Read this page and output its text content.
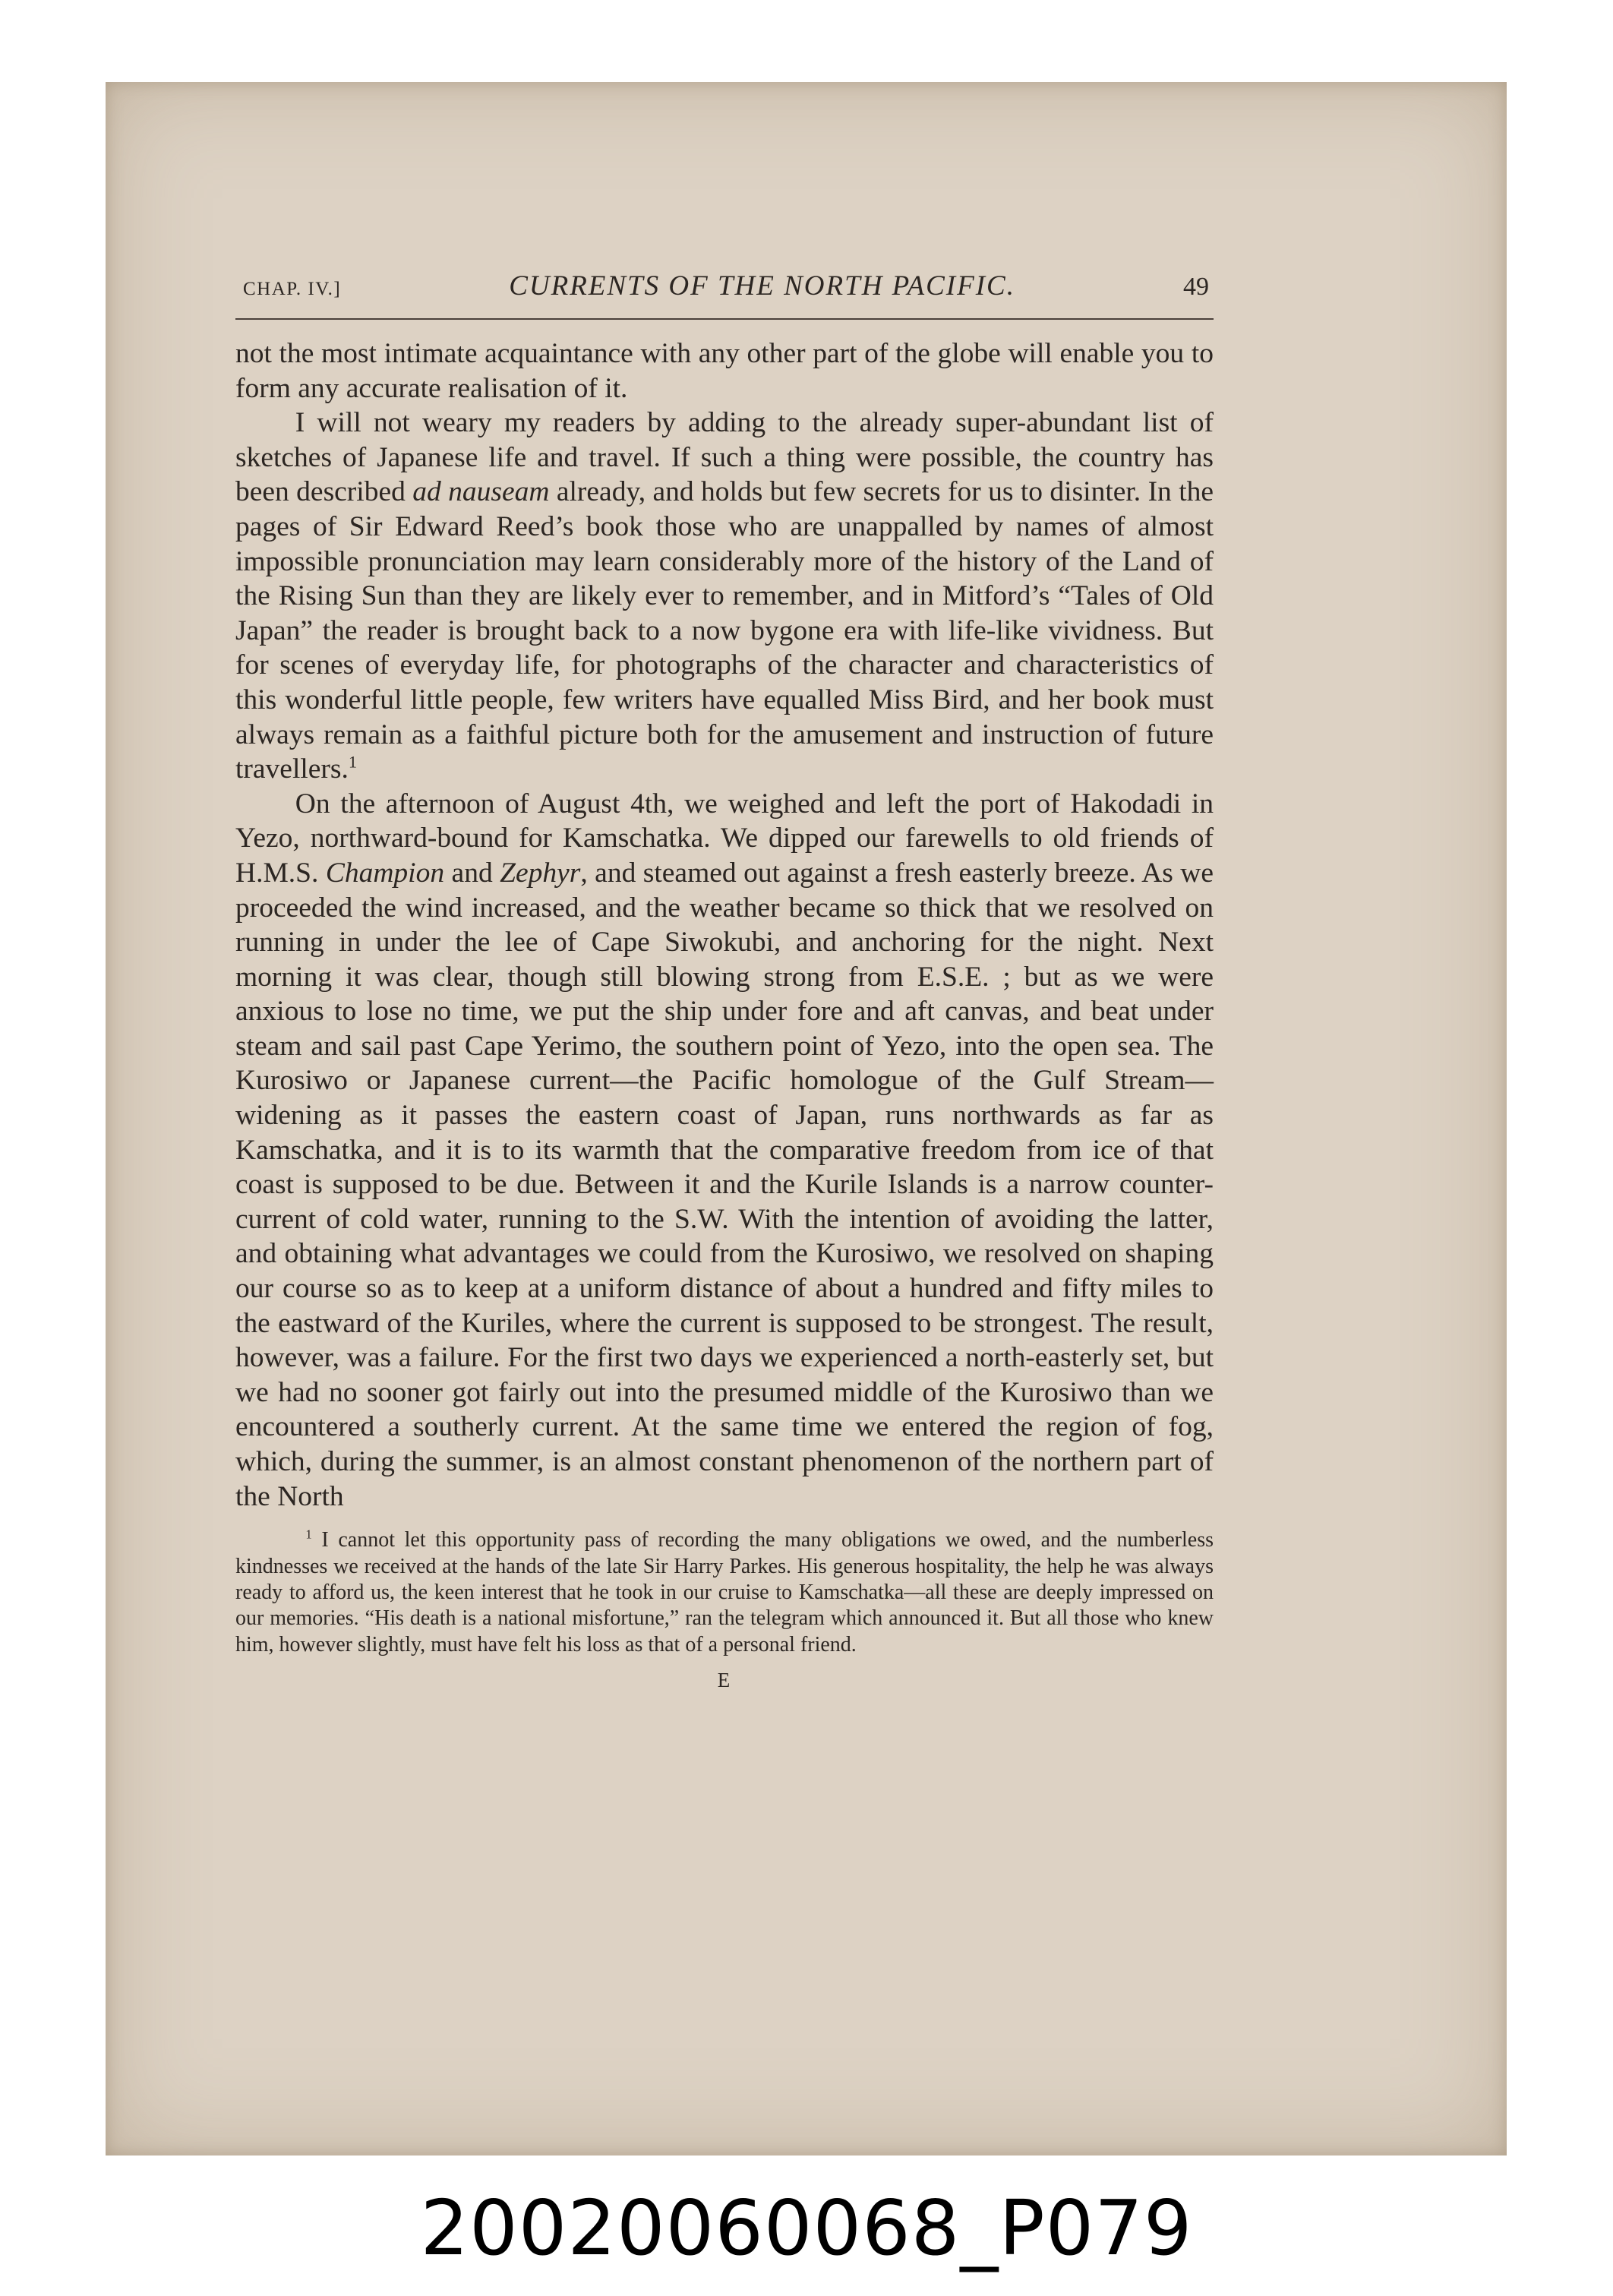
CHAP. IV.]	CURRENTS OF THE NORTH PACIFIC.	49

not the most intimate acquaintance with any other part of the globe will enable you to form any accurate realisation of it.

I will not weary my readers by adding to the already super-abundant list of sketches of Japanese life and travel. If such a thing were possible, the country has been described ad nauseam already, and holds but few secrets for us to disinter. In the pages of Sir Edward Reed’s book those who are unappalled by names of almost impossible pronunciation may learn considerably more of the history of the Land of the Rising Sun than they are likely ever to remember, and in Mitford’s “Tales of Old Japan” the reader is brought back to a now bygone era with life-like vividness. But for scenes of everyday life, for photographs of the character and characteristics of this wonderful little people, few writers have equalled Miss Bird, and her book must always remain as a faithful picture both for the amusement and instruction of future travellers.$^1$

On the afternoon of August 4th, we weighed and left the port of Hakodadi in Yezo, northward-bound for Kamschatka. We dipped our farewells to old friends of H.M.S. Champion and Zephyr, and steamed out against a fresh easterly breeze. As we proceeded the wind increased, and the weather became so thick that we resolved on running in under the lee of Cape Siwokubi, and anchoring for the night. Next morning it was clear, though still blowing strong from E.S.E. ; but as we were anxious to lose no time, we put the ship under fore and aft canvas, and beat under steam and sail past Cape Yerimo, the southern point of Yezo, into the open sea. The Kurosiwo or Japanese current—the Pacific homologue of the Gulf Stream—widening as it passes the eastern coast of Japan, runs northwards as far as Kamschatka, and it is to its warmth that the comparative freedom from ice of that coast is supposed to be due. Between it and the Kurile Islands is a narrow counter-current of cold water, running to the S.W. With the intention of avoiding the latter, and obtaining what advantages we could from the Kurosiwo, we resolved on shaping our course so as to keep at a uniform distance of about a hundred and fifty miles to the eastward of the Kuriles, where the current is supposed to be strongest. The result, however, was a failure. For the first two days we experienced a north-easterly set, but we had no sooner got fairly out into the presumed middle of the Kurosiwo than we encountered a southerly current. At the same time we entered the region of fog, which, during the summer, is an almost constant phenomenon of the northern part of the North

$^1$ I cannot let this opportunity pass of recording the many obligations we owed, and the numberless kindnesses we received at the hands of the late Sir Harry Parkes. His generous hospitality, the help he was always ready to afford us, the keen interest that he took in our cruise to Kamschatka—all these are deeply impressed on our memories. “His death is a national misfortune,” ran the telegram which announced it. But all those who knew him, however slightly, must have felt his loss as that of a personal friend.

E
20020060068_P079
